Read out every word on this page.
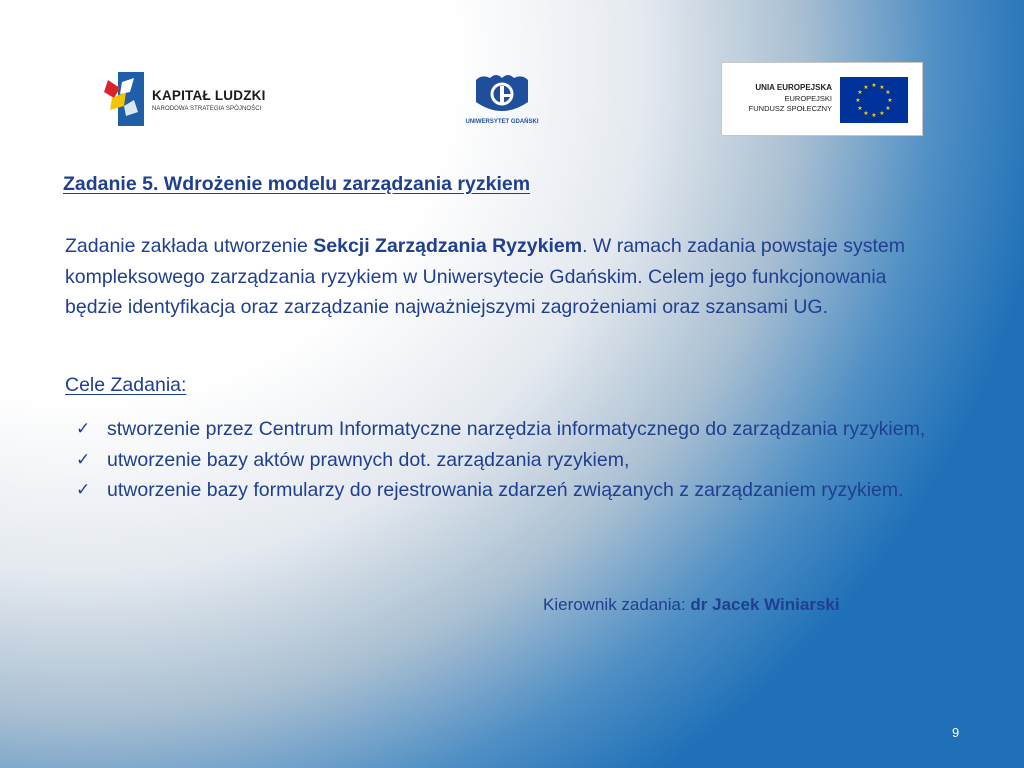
KAPITAŁ LUDZKI
NARODOWA STRATEGIA SPÓJNOŚCI
UNIWERSYTET GDAŃSKI
UNIA EUROPEJSKA
EUROPEJSKI
FUNDUSZ SPOŁECZNY
★ ★
★
★
★
★
★
★
★
★
★
★
Zadanie 5. Wdrożenie modelu zarządzania ryzkiem
Zadanie zakłada utworzenie Sekcji Zarządzania Ryzykiem. W ramach zadania powstaje system kompleksowego zarządzania ryzykiem w Uniwersytecie Gdańskim. Celem jego funkcjonowania będzie identyfikacja oraz zarządzanie najważniejszymi zagrożeniami oraz szansami UG.
Cele Zadania:
✓ stworzenie przez Centrum Informatyczne narzędzia informatycznego do zarządzania ryzykiem,
✓ utworzenie bazy aktów prawnych dot. zarządzania ryzykiem,
✓ utworzenie bazy formularzy do rejestrowania zdarzeń związanych z zarządzaniem ryzykiem.
Kierownik zadania: dr Jacek Winiarski
9
